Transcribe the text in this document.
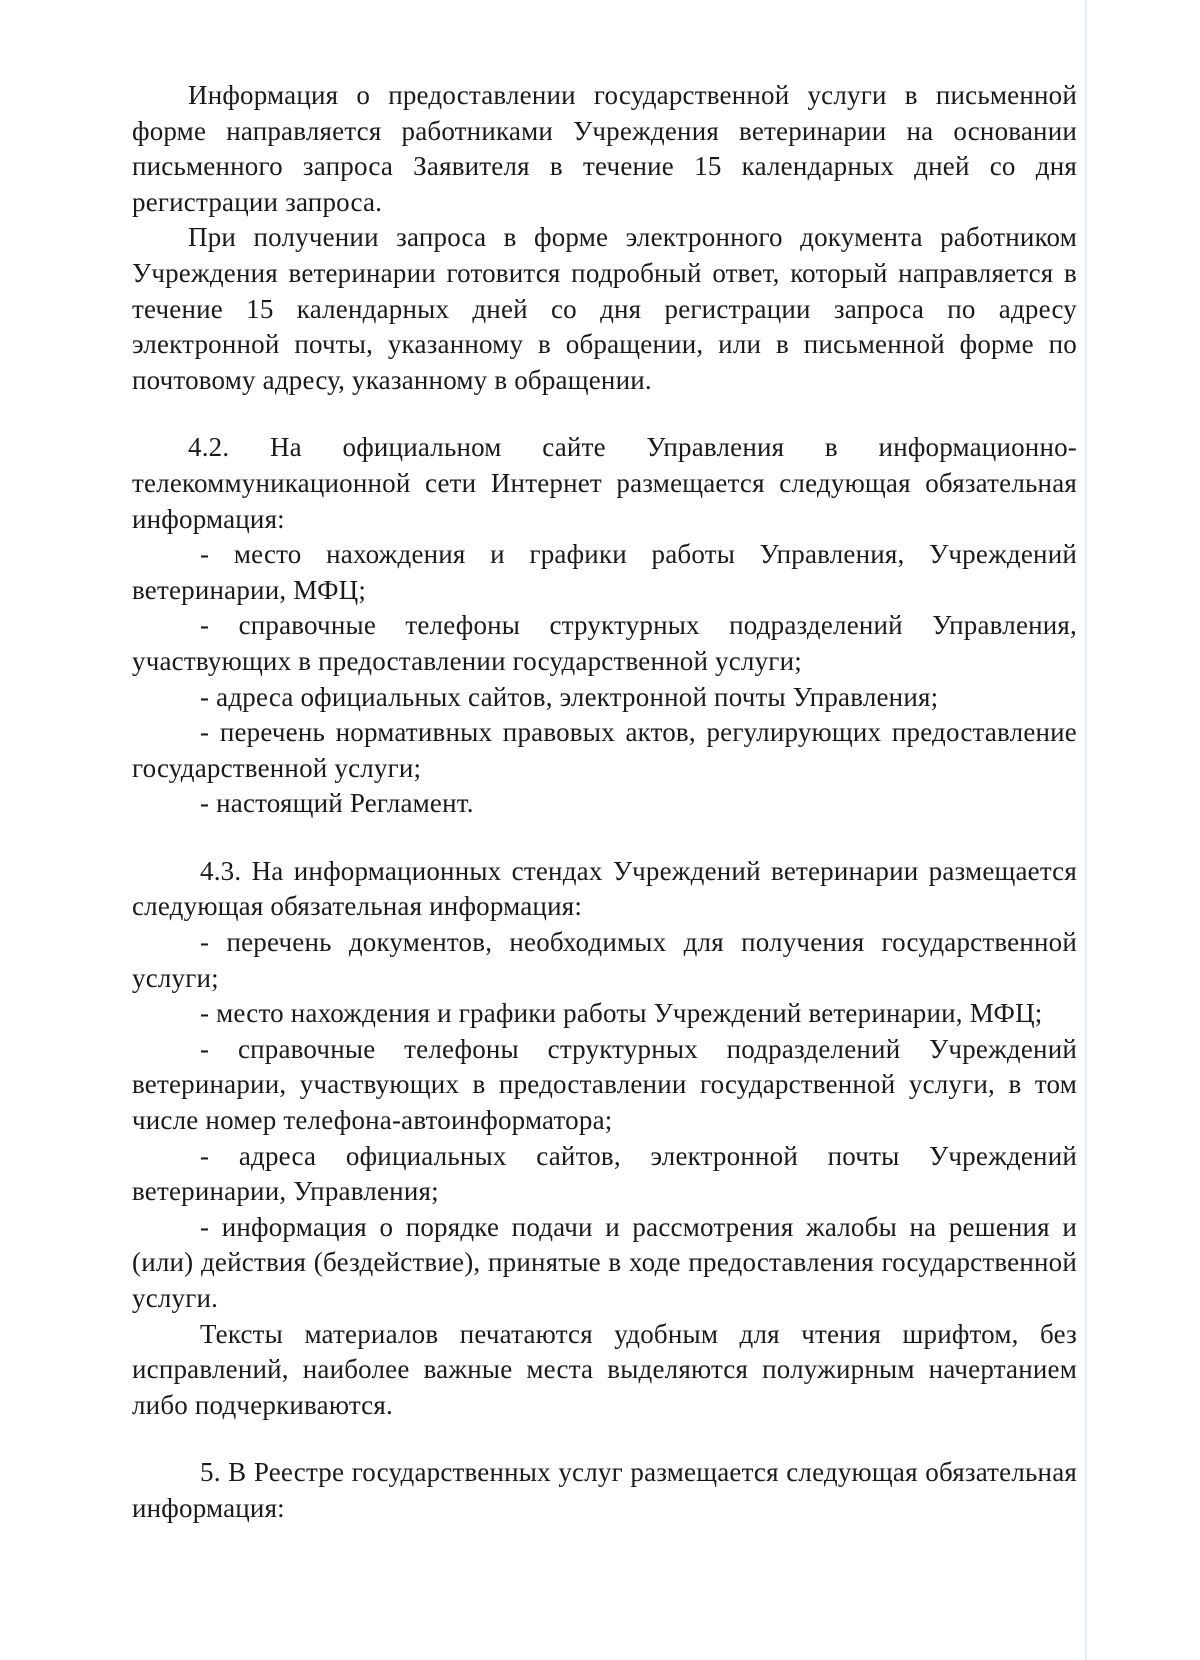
Информация о предоставлении государственной услуги в письменной форме направляется работниками Учреждения ветеринарии на основании письменного запроса Заявителя в течение 15 календарных дней со дня регистрации запроса.

При получении запроса в форме электронного документа работником Учреждения ветеринарии готовится подробный ответ, который направляется в течение 15 календарных дней со дня регистрации запроса по адресу электронной почты, указанному в обращении, или в письменной форме по почтовому адресу, указанному в обращении.

4.2. На официальном сайте Управления в информационно-телекоммуникационной сети Интернет размещается следующая обязательная информация:

- место нахождения и графики работы Управления, Учреждений ветеринарии, МФЦ;

- справочные телефоны структурных подразделений Управления, участвующих в предоставлении государственной услуги;

- адреса официальных сайтов, электронной почты Управления;

- перечень нормативных правовых актов, регулирующих предоставление государственной услуги;

- настоящий Регламент.

4.3. На информационных стендах Учреждений ветеринарии размещается следующая обязательная информация:

- перечень документов, необходимых для получения государственной услуги;

- место нахождения и графики работы Учреждений ветеринарии, МФЦ;

- справочные телефоны структурных подразделений Учреждений ветеринарии, участвующих в предоставлении государственной услуги, в том числе номер телефона-автоинформатора;

- адреса официальных сайтов, электронной почты Учреждений ветеринарии, Управления;

- информация о порядке подачи и рассмотрения жалобы на решения и (или) действия (бездействие), принятые в ходе предоставления государственной услуги.

Тексты материалов печатаются удобным для чтения шрифтом, без исправлений, наиболее важные места выделяются полужирным начертанием либо подчеркиваются.

5. В Реестре государственных услуг размещается следующая обязательная информация:
